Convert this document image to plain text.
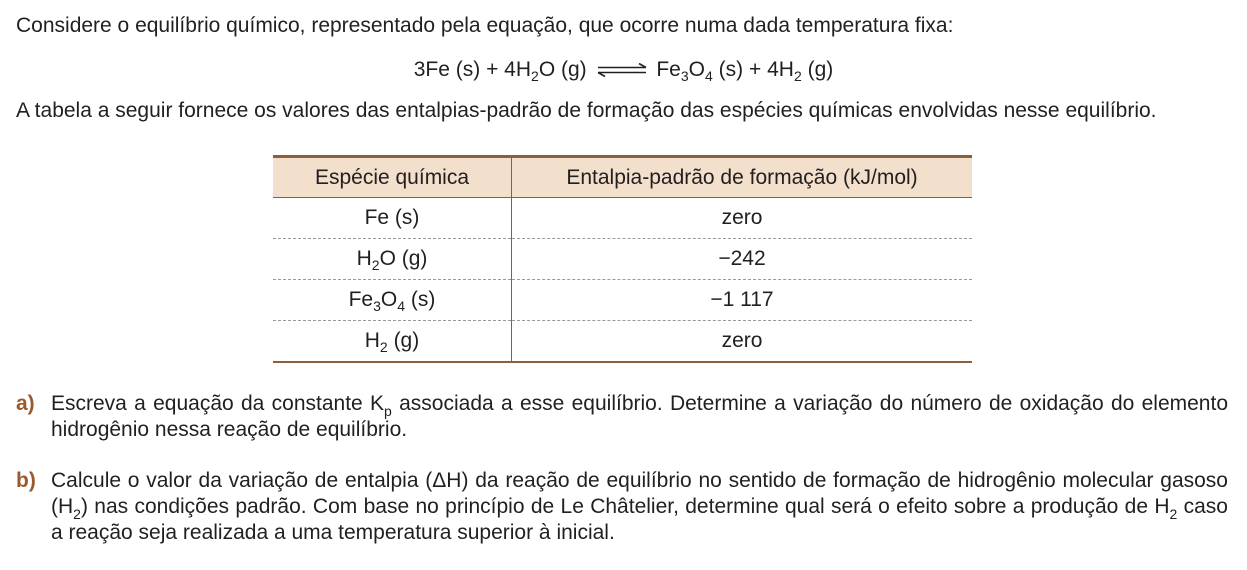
Considere o equilíbrio químico, representado pela equação, que ocorre numa dada temperatura fixa:

3Fe $(s) + 4H_2O$ (g) ⇌ $Fe_3O_4$ $(s) + 4H_2$ (g)

A tabela a seguir fornece os valores das entalpias-padrão de formação das espécies químicas envolvidas nesse equilíbrio.

Espécie química	Entalpia-padrão de formação (kJ/mol)
Fe (s)	zero
$H_2O$ (g)	−242
$Fe_3O_4$ (s)	−1 117
$H_2$ (g)	zero
a) Escreva a equação da constante $K_p$ associada a esse equilíbrio. Determine a variação do número de oxidação do elemento hidrogênio nessa reação de equilíbrio.
b) Calcule o valor da variação de entalpia (ΔH) da reação de equilíbrio no sentido de formação de hidrogênio molecular gasoso $(H_2)$ nas condições padrão. Com base no princípio de Le Châtelier, determine qual será o efeito sobre a produção de $H_2$ caso a reação seja realizada a uma temperatura superior à inicial.
